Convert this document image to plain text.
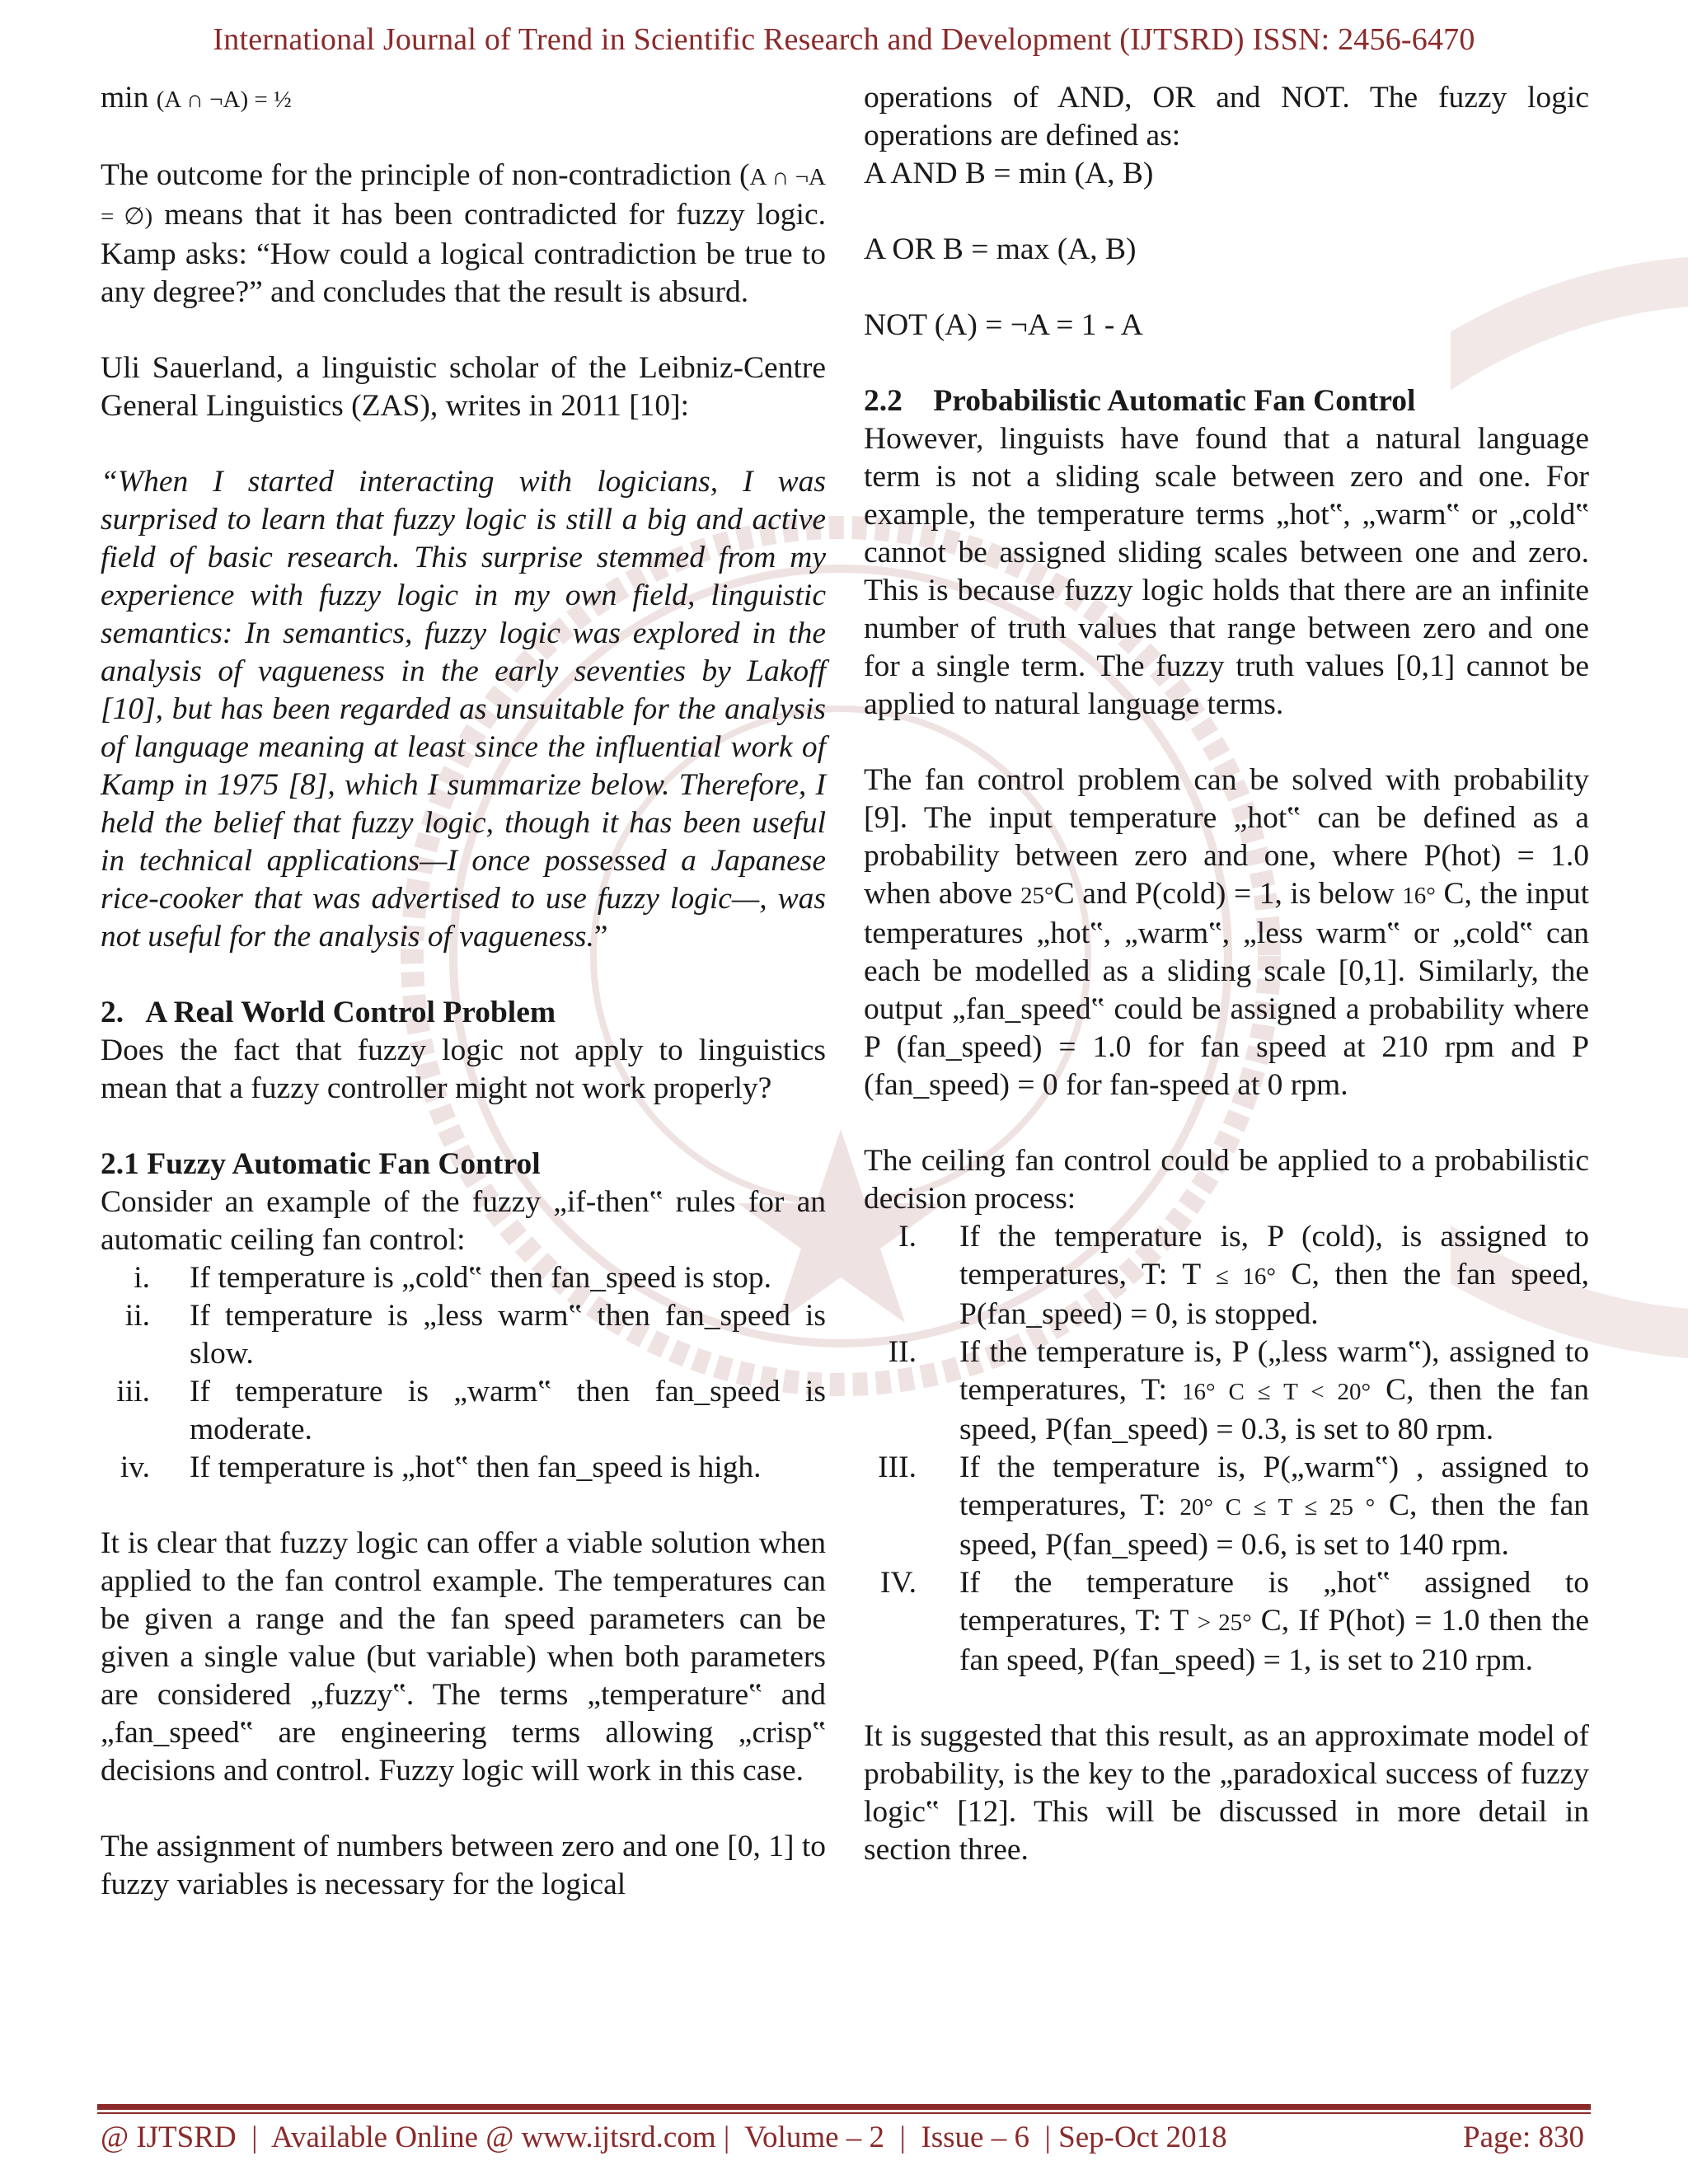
International Journal of Trend in Scientific Research and Development (IJTSRD) ISSN: 2456-6470

min (A ∩ ¬A) = ½

The outcome for the principle of non-contradiction (A ∩ ¬A = ∅) means that it has been contradicted for fuzzy logic. Kamp asks: “How could a logical contradiction be true to any degree?” and concludes that the result is absurd.

Uli Sauerland, a linguistic scholar of the Leibniz-Centre General Linguistics (ZAS), writes in 2011 [10]:

“When I started interacting with logicians, I was surprised to learn that fuzzy logic is still a big and active field of basic research. This surprise stemmed from my experience with fuzzy logic in my own field, linguistic semantics: In semantics, fuzzy logic was explored in the analysis of vagueness in the early seventies by Lakoff [10], but has been regarded as unsuitable for the analysis of language meaning at least since the influential work of Kamp in 1975 [8], which I summarize below. Therefore, I held the belief that fuzzy logic, though it has been useful in technical applications—I once possessed a Japanese rice-cooker that was advertised to use fuzzy logic—, was not useful for the analysis of vagueness.”

2. A Real World Control Problem

Does the fact that fuzzy logic not apply to linguistics mean that a fuzzy controller might not work properly?

2.1 Fuzzy Automatic Fan Control

Consider an example of the fuzzy „if-then‟ rules for an automatic ceiling fan control:

i.	If temperature is „cold‟ then fan_speed is stop.
ii.	If temperature is „less warm‟ then fan_speed is slow.
iii.	If temperature is „warm‟ then fan_speed is moderate.
iv.	If temperature is „hot‟ then fan_speed is high.

It is clear that fuzzy logic can offer a viable solution when applied to the fan control example. The temperatures can be given a range and the fan speed parameters can be given a single value (but variable) when both parameters are considered „fuzzy‟. The terms „temperature‟ and „fan_speed‟ are engineering terms allowing „crisp‟ decisions and control. Fuzzy logic will work in this case.

The assignment of numbers between zero and one [0, 1] to fuzzy variables is necessary for the logical

operations of AND, OR and NOT. The fuzzy logic operations are defined as:

A AND B = min (A, B)

A OR B = max (A, B)

NOT (A) = ¬A = 1 - A

2.2 Probabilistic Automatic Fan Control

However, linguists have found that a natural language term is not a sliding scale between zero and one. For example, the temperature terms „hot‟, „warm‟ or „cold‟ cannot be assigned sliding scales between one and zero. This is because fuzzy logic holds that there are an infinite number of truth values that range between zero and one for a single term. The fuzzy truth values [0,1] cannot be applied to natural language terms.

The fan control problem can be solved with probability [9]. The input temperature „hot‟ can be defined as a probability between zero and one, where P(hot) = 1.0 when above 25°C and P(cold) = 1, is below 16° C, the input temperatures „hot‟, „warm‟, „less warm‟ or „cold‟ can each be modelled as a sliding scale [0,1]. Similarly, the output „fan_speed‟ could be assigned a probability where P (fan_speed) = 1.0 for fan speed at 210 rpm and P (fan_speed) = 0 for fan-speed at 0 rpm.

The ceiling fan control could be applied to a probabilistic decision process:

I.	If the temperature is, P (cold), is assigned to temperatures, T: T ≤ 16° C, then the fan speed, P(fan_speed) = 0, is stopped.
II.	If the temperature is, P („less warm‟), assigned to temperatures, T: 16° C ≤ T < 20° C, then the fan speed, P(fan_speed) = 0.3, is set to 80 rpm.
III.	If the temperature is, P(„warm‟) , assigned to temperatures, T: 20° C ≤ T ≤ 25 ° C, then the fan speed, P(fan_speed) = 0.6, is set to 140 rpm.
IV.	If the temperature is „hot‟ assigned to temperatures, T: T > 25° C, If P(hot) = 1.0 then the fan speed, P(fan_speed) = 1, is set to 210 rpm.

It is suggested that this result, as an approximate model of probability, is the key to the „paradoxical success of fuzzy logic‟ [12]. This will be discussed in more detail in section three.

@ IJTSRD  |  Available Online @ www.ijtsrd.com |  Volume – 2  |  Issue – 6  | Sep-Oct 2018	Page: 830
